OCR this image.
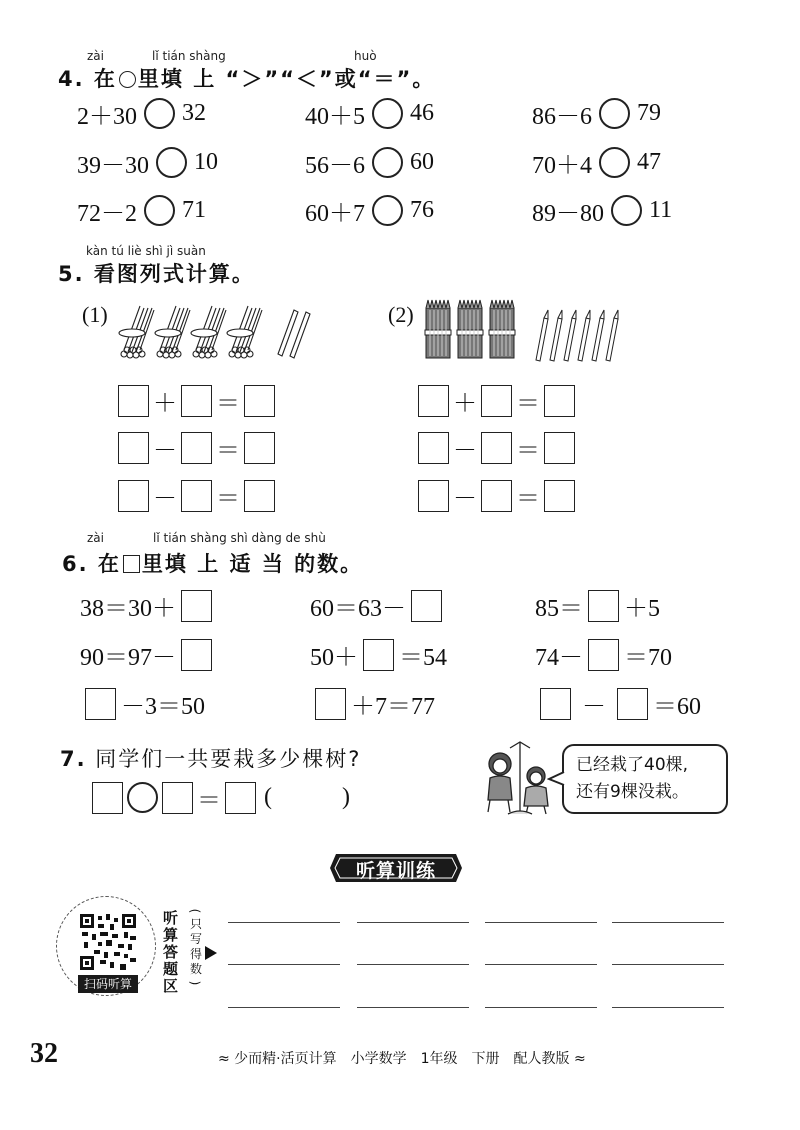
zài	lǐ tián shàng	huò
4. 在 里填 上 “＞”“＜”或“＝”。
2＋30 32	40＋5 46	86－6 79
39－30 10	56－6 60	70＋4 47
72－2 71	60＋7 76	89－80 11
kàn tú liè shì jì suàn
5. 看图列式计算。
(1)	(2)
＋ ＝
－ ＝
－ ＝
＋ ＝
－ ＝
－ ＝
zài	lǐ tián shàng shì dàng de shù
6. 在 里填 上 适 当 的数。
38＝30＋	60＝63－	85＝ ＋5
90＝97－	50＋ ＝54	74－ ＝70
－3＝50	＋7＝77	－ ＝60
7. 同学们一共要栽多少棵树?
＝ (	)
已经栽了40棵,
还有9棵没栽。
听算训练
扫码听算
听算答题区
(
只写得数
)
32	≈ 少而精·活页计算　小学数学　1年级　下册　配人教版 ≈
